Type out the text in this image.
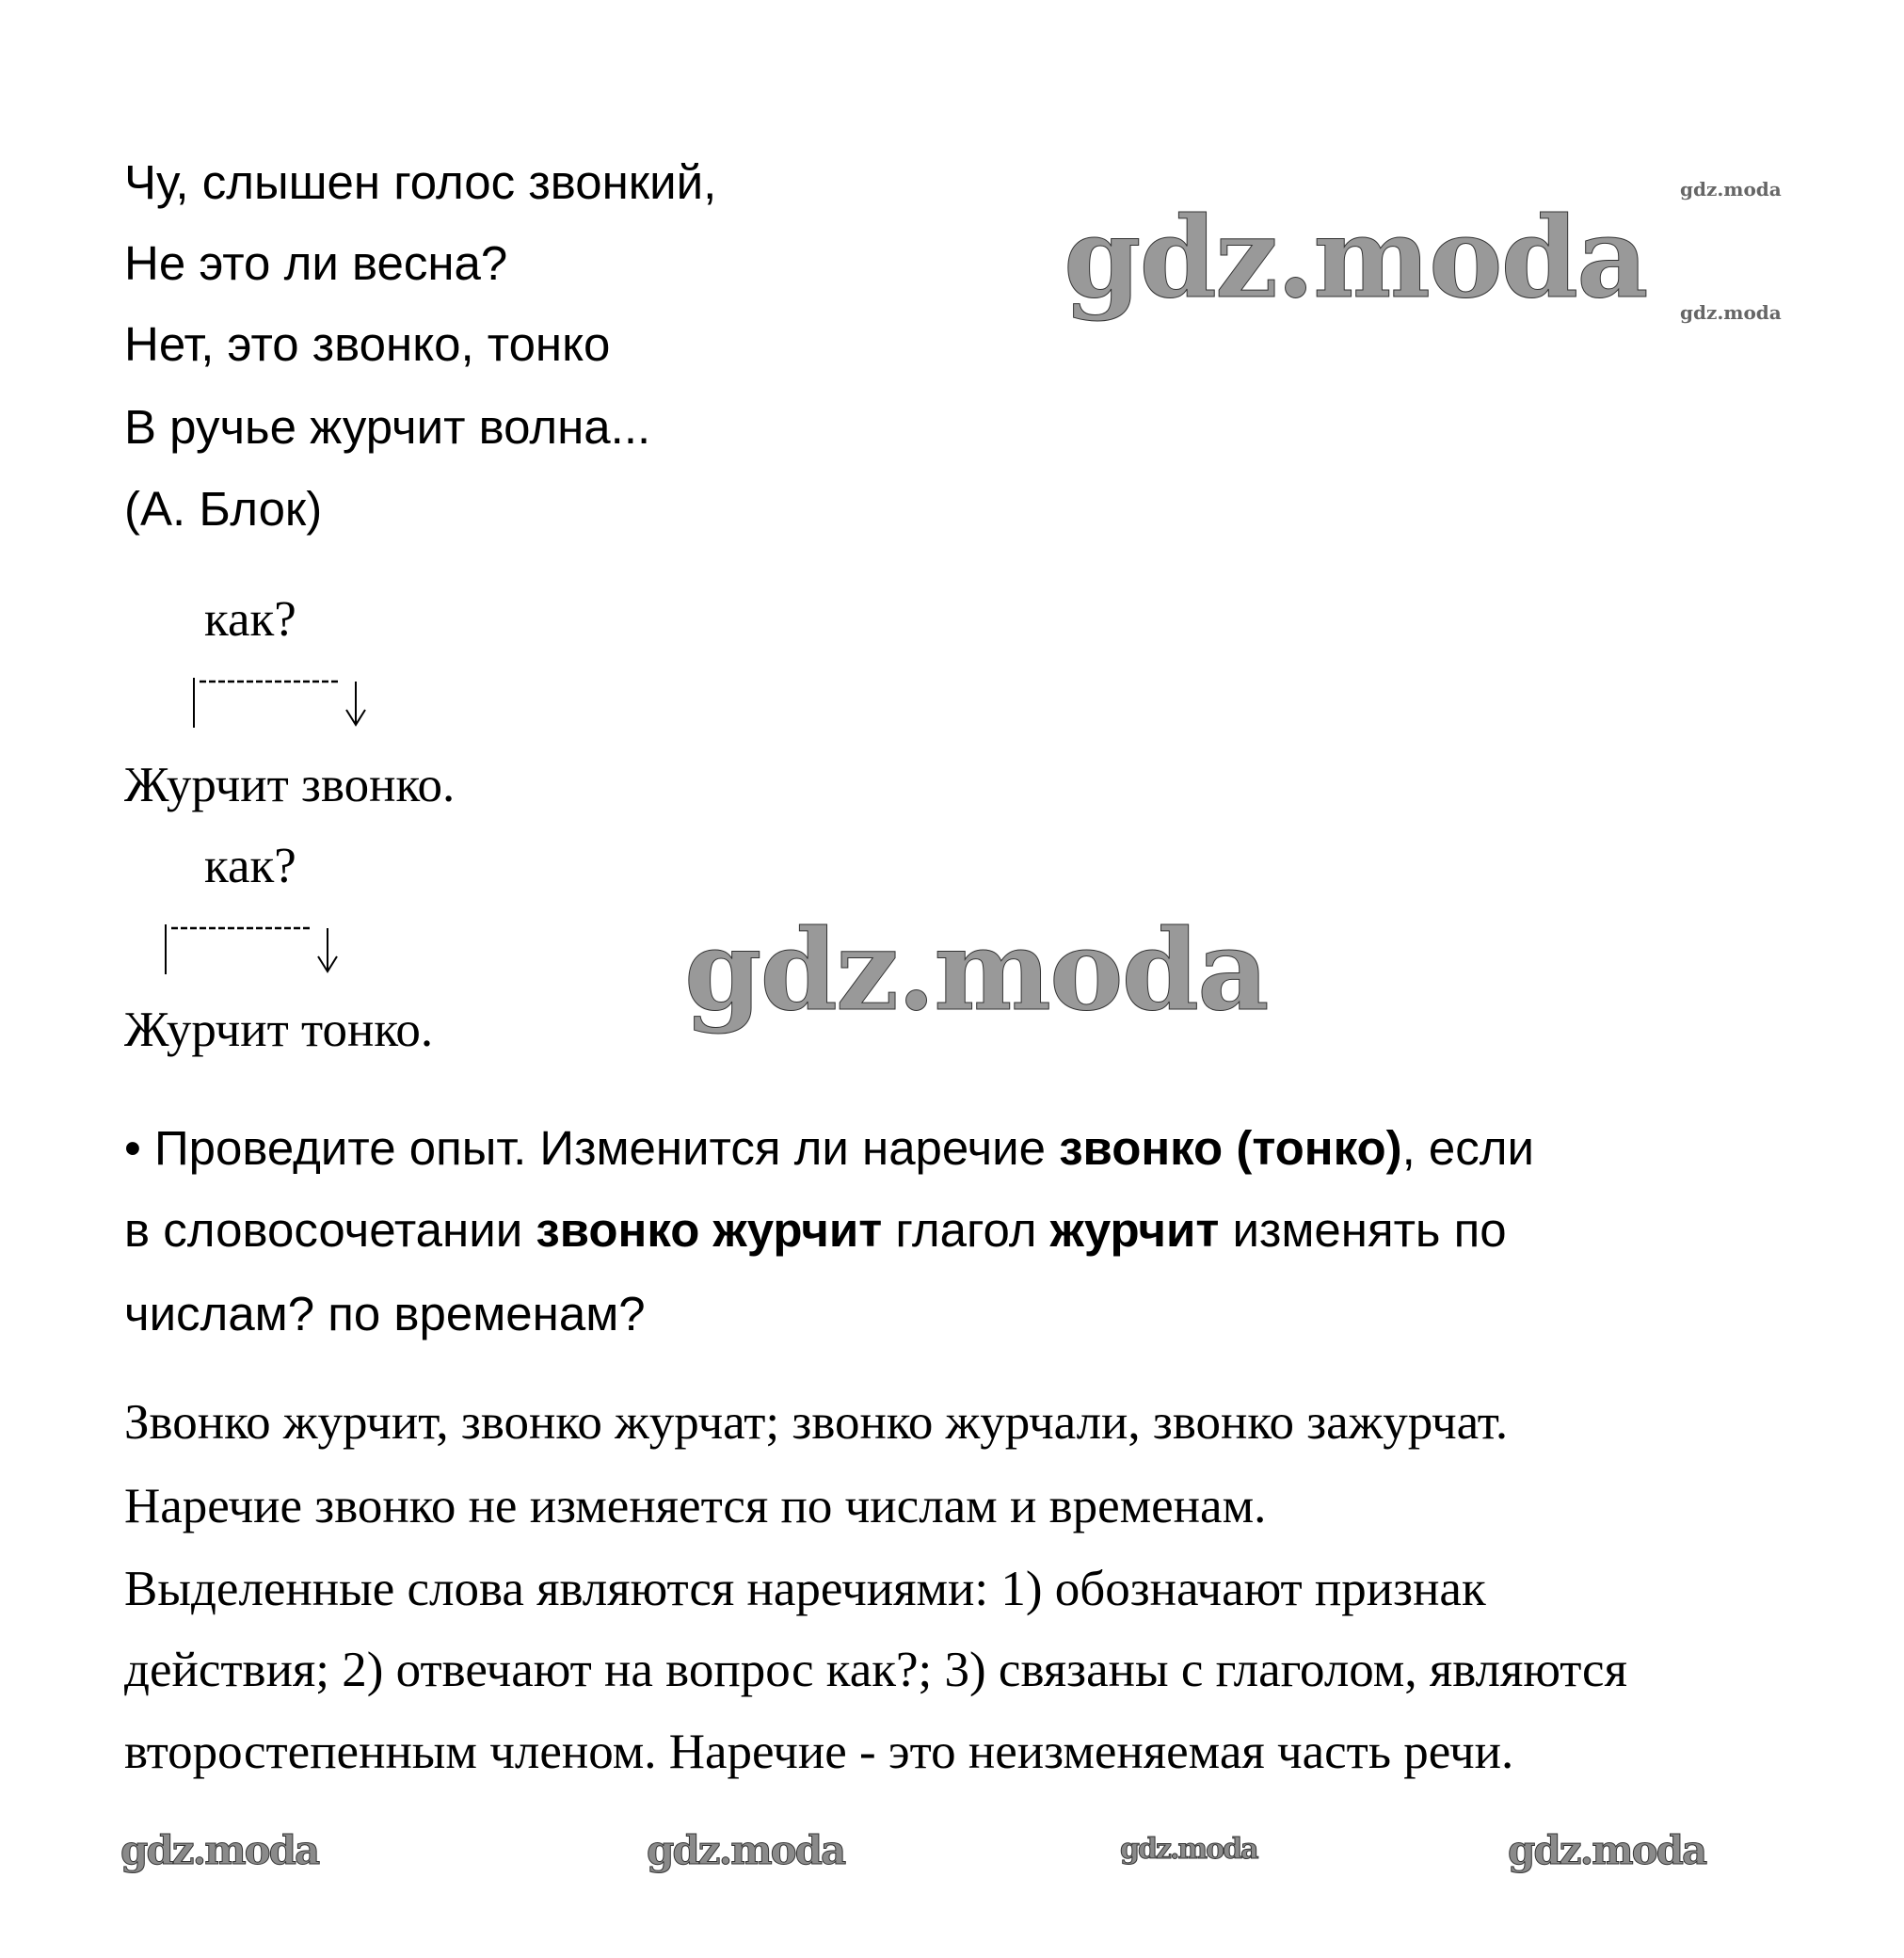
Чу, слышен голос звонкий,
Не это ли весна?
Нет, это звонко, тонко
В ручье журчит волна...
(А. Блок)
как?
Журчит звонко.
как?
Журчит тонко.
• Проведите опыт. Изменится ли наречие звонко (тонко), если
в словосочетании звонко журчит глагол журчит изменять по
числам? по временам?
Звонко журчит, звонко журчат; звонко журчали, звонко зажурчат.
Наречие звонко не изменяется по числам и временам.
Выделенные слова являются наречиями: 1) обозначают признак
действия; 2) отвечают на вопрос как?; 3) связаны с глаголом, являются
второстепенным членом. Наречие - это неизменяемая часть речи.
gdz.moda
gdz.moda
gdz.moda
gdz.moda
gdz.moda	gdz.moda	gdz.moda
gdz.moda
